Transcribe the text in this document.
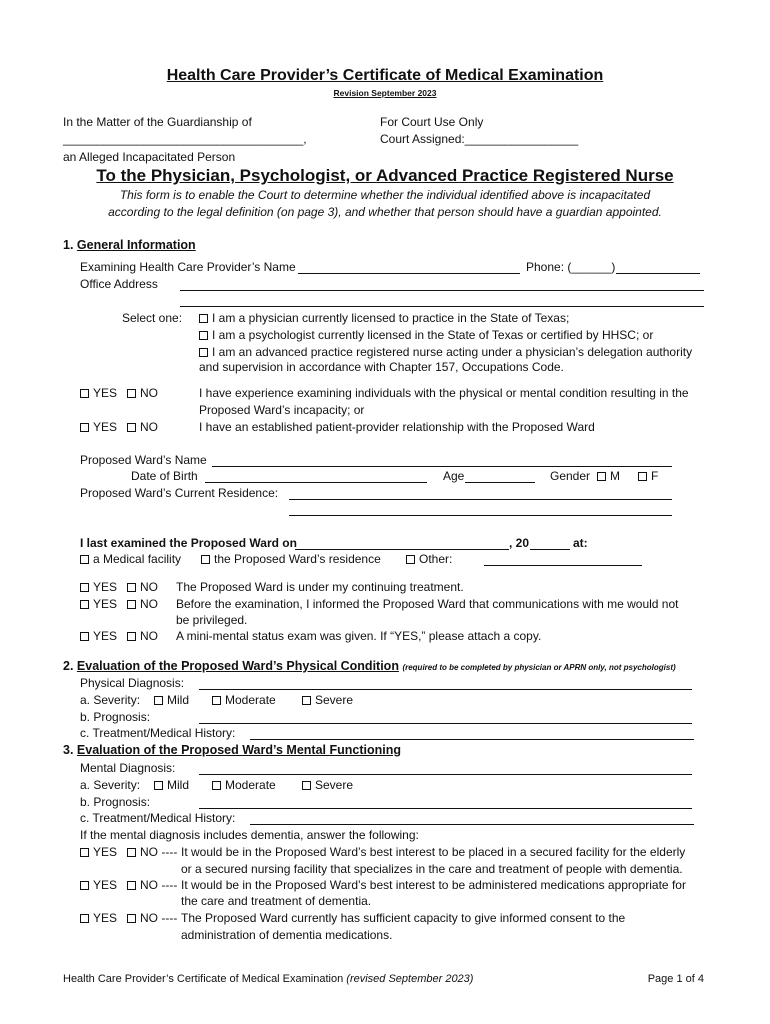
Health Care Provider’s Certificate of Medical Examination
Revision September 2023
In the Matter of the Guardianship of
____________________________________,
an Alleged Incapacitated Person
For Court Use Only
Court Assigned:_________________
To the Physician, Psychologist, or Advanced Practice Registered Nurse
This form is to enable the Court to determine whether the individual identified above is incapacitated
according to the legal definition (on page 3), and whether that person should have a guardian appointed.
1. General Information
Examining Health Care Provider’s Name	Phone: (______)
Office Address
Select one:	I am a physician currently licensed to practice in the State of Texas;
I am a psychologist currently licensed in the State of Texas or certified by HHSC; or
I am an advanced practice registered nurse acting under a physician’s delegation authority
and supervision in accordance with Chapter 157, Occupations Code.
YES	NO	I have experience examining individuals with the physical or mental condition resulting in the
Proposed Ward’s incapacity; or
YES	NO	I have an established patient-provider relationship with the Proposed Ward
Proposed Ward’s Name
Date of Birth	Age	Gender	M	F
Proposed Ward’s Current Residence:
I last examined the Proposed Ward on	, 20	at:
a Medical facility	the Proposed Ward’s residence	Other:
YES	NO The Proposed Ward is under my continuing treatment.
YES	NO Before the examination, I informed the Proposed Ward that communications with me would not
be privileged.
YES	NO A mini-mental status exam was given. If “YES,” please attach a copy.
2. Evaluation of the Proposed Ward’s Physical Condition (required to be completed by physician or APRN only, not psychologist)
Physical Diagnosis:
a. Severity:	Mild	Moderate	Severe
b. Prognosis:
c. Treatment/Medical History:
3. Evaluation of the Proposed Ward’s Mental Functioning
Mental Diagnosis:
a. Severity:	Mild	Moderate	Severe
b. Prognosis:
c. Treatment/Medical History:
If the mental diagnosis includes dementia, answer the following:
YES	NO ---- It would be in the Proposed Ward’s best interest to be placed in a secured facility for the elderly
or a secured nursing facility that specializes in the care and treatment of people with dementia.
YES	NO ---- It would be in the Proposed Ward’s best interest to be administered medications appropriate for
the care and treatment of dementia.
YES	NO ---- The Proposed Ward currently has sufficient capacity to give informed consent to the
administration of dementia medications.
Health Care Provider’s Certificate of Medical Examination (revised September 2023)	Page 1 of 4
